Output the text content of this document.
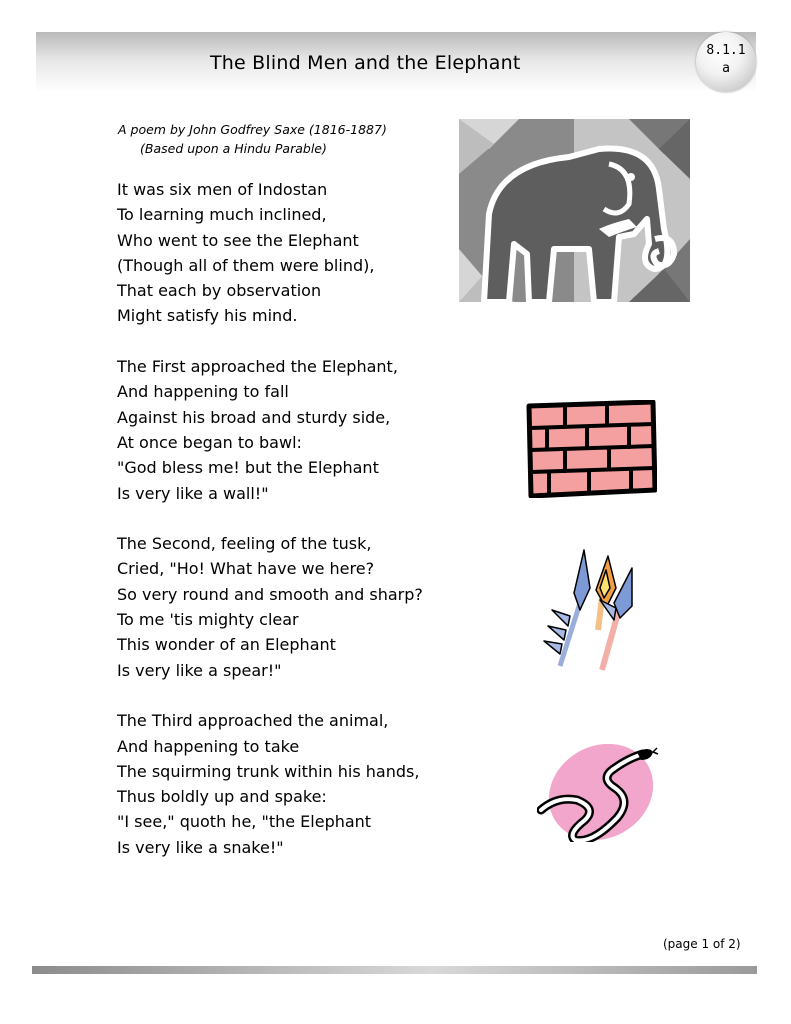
The Blind Men and the Elephant
8.1.1
a
A poem by John Godfrey Saxe (1816-1887)
(Based upon a Hindu Parable)
It was six men of Indostan
To learning much inclined,
Who went to see the Elephant
(Though all of them were blind),
That each by observation
Might satisfy his mind.
The First approached the Elephant,
And happening to fall
Against his broad and sturdy side,
At once began to bawl:
"God bless me! but the Elephant
Is very like a wall!"
The Second, feeling of the tusk,
Cried, "Ho! What have we here?
So very round and smooth and sharp?
To me 'tis mighty clear
This wonder of an Elephant
Is very like a spear!"
The Third approached the animal,
And happening to take
The squirming trunk within his hands,
Thus boldly up and spake:
"I see," quoth he, "the Elephant
Is very like a snake!"
(page 1 of 2)
